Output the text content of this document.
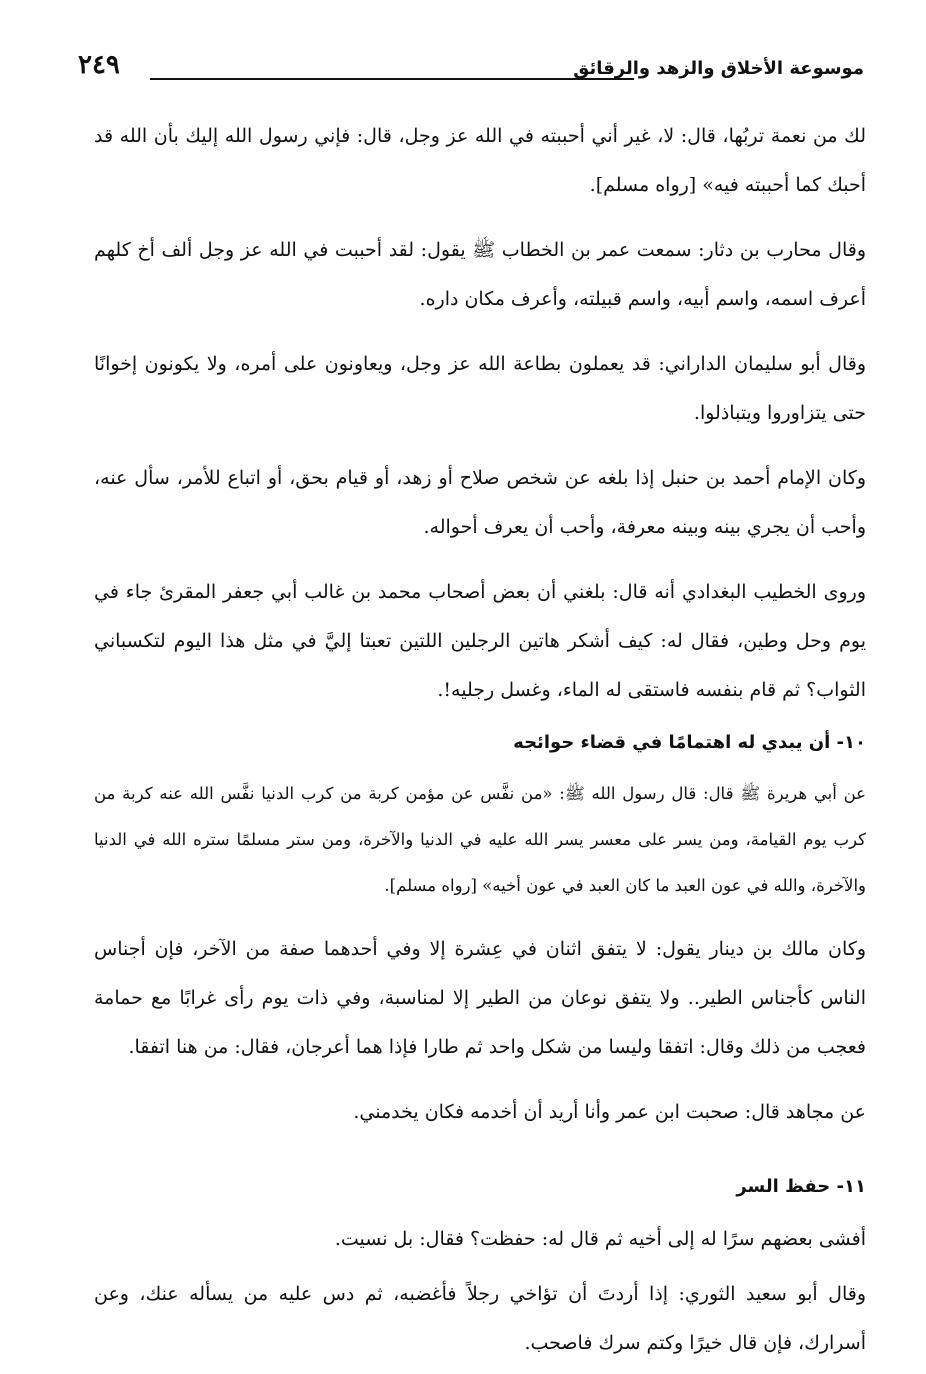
موسوعة الأخلاق والزهد والرقائق
٢٤٩

لك من نعمة تربُها، قال: لا، غير أني أحببته في الله عز وجل، قال: فإني رسول الله إليك بأن الله قد أحبك كما أحببته فيه» [رواه مسلم].

وقال محارب بن دثار: سمعت عمر بن الخطاب ﷺ يقول: لقد أحببت في الله عز وجل ألف أخ كلهم أعرف اسمه، واسم أبيه، واسم قبيلته، وأعرف مكان داره.

وقال أبو سليمان الداراني: قد يعملون بطاعة الله عز وجل، ويعاونون على أمره، ولا يكونون إخوانًا حتى يتزاوروا ويتباذلوا.

وكان الإمام أحمد بن حنبل إذا بلغه عن شخص صلاح أو زهد، أو قيام بحق، أو اتباع للأمر، سأل عنه، وأحب أن يجري بينه وبينه معرفة، وأحب أن يعرف أحواله.

وروى الخطيب البغدادي أنه قال: بلغني أن بعض أصحاب محمد بن غالب أبي جعفر المقرئ جاء في يوم وحل وطين، فقال له: كيف أشكر هاتين الرجلين اللتين تعبتا إليَّ في مثل هذا اليوم لتكسباني الثواب؟ ثم قام بنفسه فاستقى له الماء، وغسل رجليه!.

١٠- أن يبدي له اهتمامًا في قضاء حوائجه

عن أبي هريرة ﷺ قال: قال رسول الله ﷺ: «من نفَّس عن مؤمن كربة من كرب الدنيا نفَّس الله عنه كربة من كرب يوم القيامة، ومن يسر على معسر يسر الله عليه في الدنيا والآخرة، ومن ستر مسلمًا ستره الله في الدنيا والآخرة، والله في عون العبد ما كان العبد في عون أخيه» [رواه مسلم].

وكان مالك بن دينار يقول: لا يتفق اثنان في عِشرة إلا وفي أحدهما صفة من الآخر، فإن أجناس الناس كأجناس الطير.. ولا يتفق نوعان من الطير إلا لمناسبة، وفي ذات يوم رأى غرابًا مع حمامة فعجب من ذلك وقال: اتفقا وليسا من شكل واحد ثم طارا فإذا هما أعرجان، فقال: من هنا اتفقا.

عن مجاهد قال: صحبت ابن عمر وأنا أريد أن أخدمه فكان يخدمني.

١١- حفظ السر

أفشى بعضهم سرًا له إلى أخيه ثم قال له: حفظت؟ فقال: بل نسيت.

وقال أبو سعيد الثوري: إذا أردتَ أن تؤاخي رجلاً فأغضبه، ثم دس عليه من يسأله عنك، وعن أسرارك، فإن قال خيرًا وكتم سرك فاصحب.
